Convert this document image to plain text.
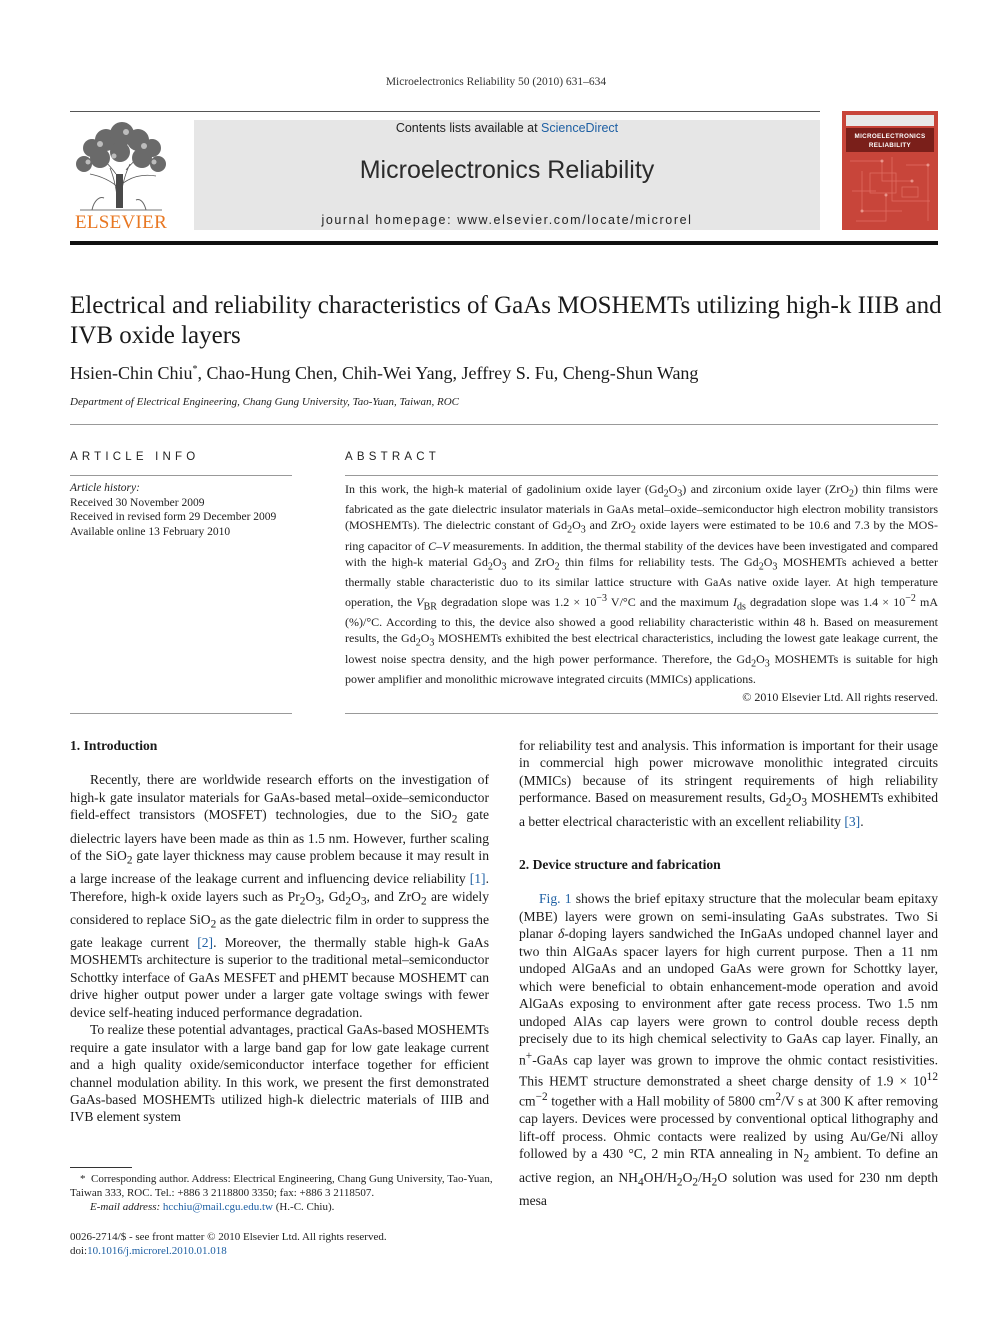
Microelectronics Reliability 50 (2010) 631–634
ELSEVIER
Contents lists available at ScienceDirect
Microelectronics Reliability
journal homepage: www.elsevier.com/locate/microrel
MICROELECTRONICS
RELIABILITY
Electrical and reliability characteristics of GaAs MOSHEMTs utilizing high-k IIIB and
IVB oxide layers
Hsien-Chin Chiu*, Chao-Hung Chen, Chih-Wei Yang, Jeffrey S. Fu, Cheng-Shun Wang
Department of Electrical Engineering, Chang Gung University, Tao-Yuan, Taiwan, ROC
ARTICLE INFO
Article history:
Received 30 November 2009
Received in revised form 29 December 2009
Available online 13 February 2010
ABSTRACT
In this work, the high-k material of gadolinium oxide layer $(Gd_2O_3)$ and zirconium oxide layer (ZrO$_2$) thin films were fabricated as the gate dielectric insulator materials in GaAs metal–oxide–semiconductor high electron mobility transistors (MOSHEMTs). The dielectric constant of $Gd_2O_3$ and ZrO$_2$ oxide layers were estimated to be 10.6 and 7.3 by the MOS-ring capacitor of C–V measurements. In addition, the thermal stability of the devices have been investigated and compared with the high-k material $Gd_2O_3$ and ZrO$_2$ thin films for reliability tests. The $Gd_2O_3$ MOSHEMTs achieved a better thermally stable characteristic duo to its similar lattice structure with GaAs native oxide layer. At high temperature operation, the $V_{BR}$ degradation slope was $1.2 \times 10^{-3}$ V/°C and the maximum $I_{ds}$ degradation slope was $1.4 \times 10^{-2}$ mA (%)/°C. According to this, the device also showed a good reliability characteristic within 48 h. Based on measurement results, the $Gd_2O_3$ MOSHEMTs exhibited the best electrical characteristics, including the lowest gate leakage current, the lowest noise spectra density, and the high power performance. Therefore, the $Gd_2O_3$ MOSHEMTs is suitable for high power amplifier and monolithic microwave integrated circuits (MMICs) applications.
© 2010 Elsevier Ltd. All rights reserved.
1. Introduction

Recently, there are worldwide research efforts on the investigation of high-k gate insulator materials for GaAs-based metal–oxide–semiconductor field-effect transistors (MOSFET) technologies, due to the SiO$_2$ gate dielectric layers have been made as thin as 1.5 nm. However, further scaling of the SiO$_2$ gate layer thickness may cause problem because it may result in a large increase of the leakage current and influencing device reliability [1]. Therefore, high-k oxide layers such as $Pr_2O_3$, $Gd_2O_3$, and ZrO$_2$ are widely considered to replace SiO$_2$ as the gate dielectric film in order to suppress the gate leakage current [2]. Moreover, the thermally stable high-k GaAs MOSHEMTs architecture is superior to the traditional metal–semiconductor Schottky interface of GaAs MESFET and pHEMT because MOSHEMT can drive higher output power under a larger gate voltage swings with fewer device self-heating induced performance degradation.

To realize these potential advantages, practical GaAs-based MOSHEMTs require a gate insulator with a large band gap for low gate leakage current and a high quality oxide/semiconductor interface together for efficient channel modulation ability. In this work, we present the first demonstrated GaAs-based MOSHEMTs utilized high-k dielectric materials of IIIB and IVB element system

for reliability test and analysis. This information is important for their usage in commercial high power microwave monolithic integrated circuits (MMICs) because of its stringent requirements of high reliability performance. Based on measurement results, $Gd_2O_3$ MOSHEMTs exhibited a better electrical characteristic with an excellent reliability [3].

2. Device structure and fabrication

Fig. 1 shows the brief epitaxy structure that the molecular beam epitaxy (MBE) layers were grown on semi-insulating GaAs substrates. Two Si planar δ-doping layers sandwiched the InGaAs undoped channel layer and two thin AlGaAs spacer layers for high current purpose. Then a 11 nm undoped AlGaAs and an undoped GaAs were grown for Schottky layer, which were beneficial to obtain enhancement-mode operation and avoid AlGaAs exposing to environment after gate recess process. Two 1.5 nm undoped AlAs cap layers were grown to control double recess depth precisely due to its high chemical selectivity to GaAs cap layer. Finally, an n+-GaAs cap layer was grown to improve the ohmic contact resistivities. This HEMT structure demonstrated a sheet charge density of $1.9 \times 10^{12}$ $cm^{-2}$ together with a Hall mobility of 5800 $cm^2/V$ s at 300 K after removing cap layers. Devices were processed by conventional optical lithography and lift-off process. Ohmic contacts were realized by using Au/Ge/Ni alloy followed by a 430 °C, 2 min RTA annealing in $N_2$ ambient. To define an active region, an $NH_4OH/H_2O_2/H_2O$ solution was used for 230 nm depth mesa

* Corresponding author. Address: Electrical Engineering, Chang Gung University, Tao-Yuan, Taiwan 333, ROC. Tel.: +886 3 2118800 3350; fax: +886 3 2118507.
E-mail address: hcchiu@mail.cgu.edu.tw (H.-C. Chiu).
0026-2714/$ - see front matter © 2010 Elsevier Ltd. All rights reserved.
doi:10.1016/j.microrel.2010.01.018
